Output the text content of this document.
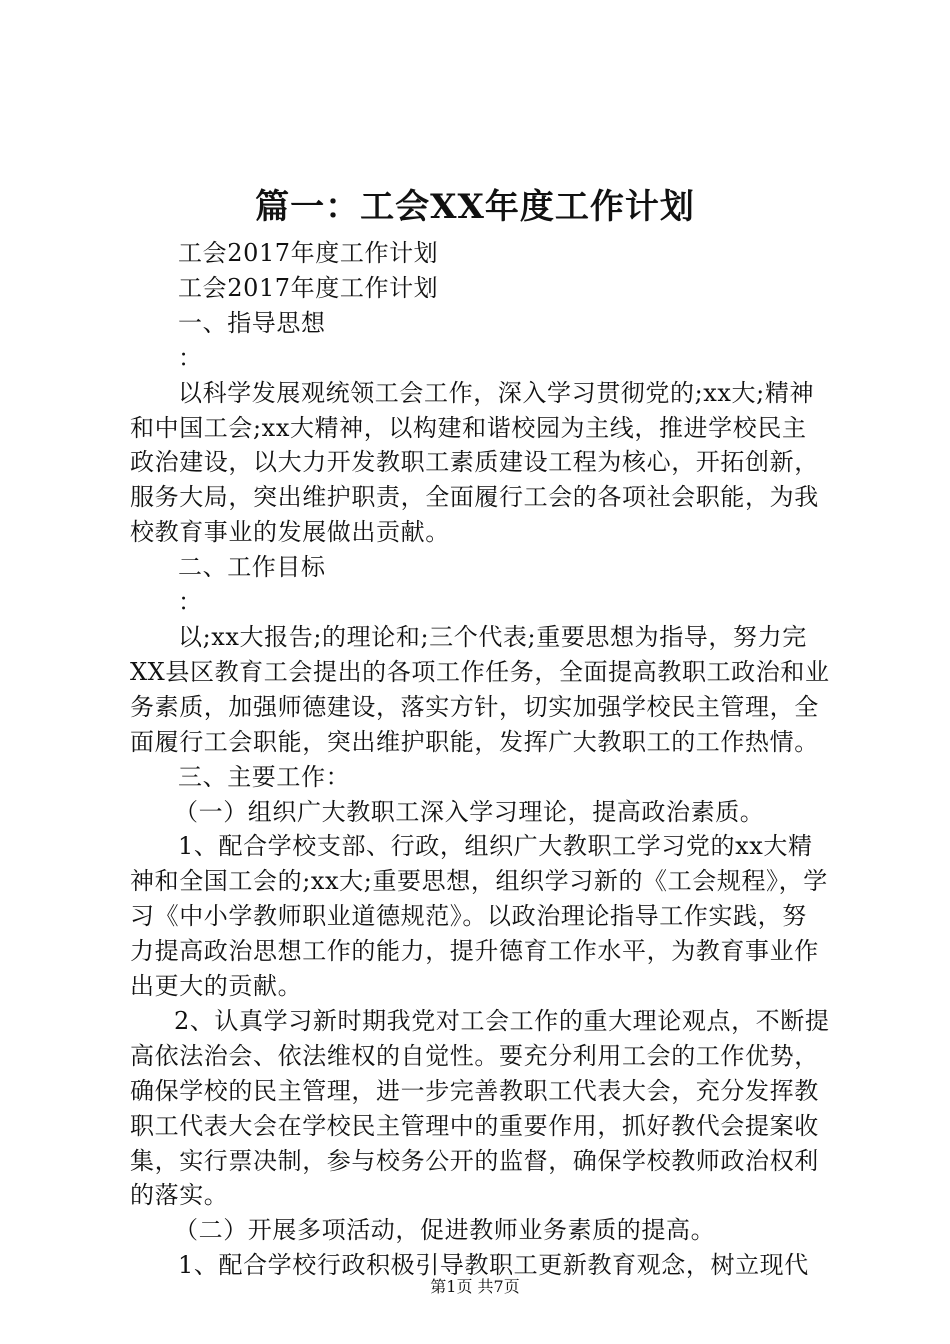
篇一：工会XX年度工作计划

工会2017年度工作计划

工会2017年度工作计划

一、指导思想

：

以科学发展观统领工会工作，深入学习贯彻党的;xx大;精神和中国工会;xx大精神，以构建和谐校园为主线，推进学校民主政治建设，以大力开发教职工素质建设工程为核心，开拓创新，服务大局，突出维护职责，全面履行工会的各项社会职能，为我校教育事业的发展做出贡献。

二、工作目标

：

以;xx大报告;的理论和;三个代表;重要思想为指导，努力完XX县区教育工会提出的各项工作任务，全面提高教职工政治和业务素质，加强师德建设，落实方针，切实加强学校民主管理，全面履行工会职能，突出维护职能，发挥广大教职工的工作热情。

三、主要工作：

（一）组织广大教职工深入学习理论，提高政治素质。

1、配合学校支部、行政，组织广大教职工学习党的xx大精神和全国工会的;xx大;重要思想，组织学习新的《工会规程》，学习《中小学教师职业道德规范》。以政治理论指导工作实践，努力提高政治思想工作的能力，提升德育工作水平，为教育事业作出更大的贡献。

2、认真学习新时期我党对工会工作的重大理论观点，不断提高依法治会、依法维权的自觉性。要充分利用工会的工作优势，确保学校的民主管理，进一步完善教职工代表大会，充分发挥教职工代表大会在学校民主管理中的重要作用，抓好教代会提案收集，实行票决制，参与校务公开的监督，确保学校教师政治权利的落实。

（二）开展多项活动，促进教师业务素质的提高。

1、配合学校行政积极引导教职工更新教育观念，树立现代

第1页 共7页
